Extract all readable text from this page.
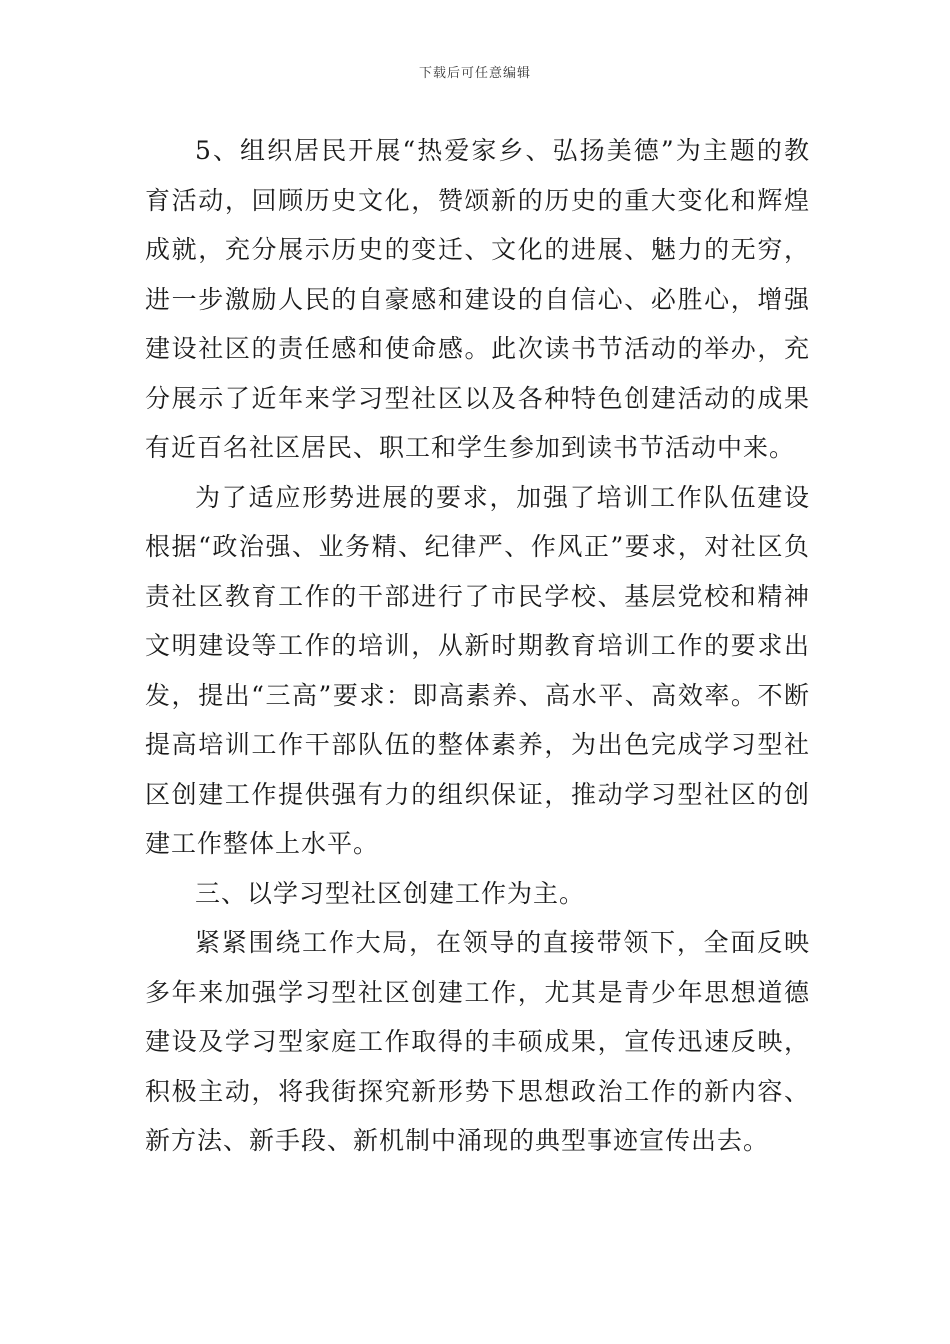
下载后可任意编辑

5、组织居民开展“热爱家乡、弘扬美德”为主题的教育活动，回顾历史文化，赞颂新的历史的重大变化和辉煌成就，充分展示历史的变迁、文化的进展、魅力的无穷，进一步激励人民的自豪感和建设的自信心、必胜心，增强建设社区的责任感和使命感。此次读书节活动的举办，充分展示了近年来学习型社区以及各种特色创建活动的成果有近百名社区居民、职工和学生参加到读书节活动中来。

为了适应形势进展的要求，加强了培训工作队伍建设根据“政治强、业务精、纪律严、作风正”要求，对社区负责社区教育工作的干部进行了市民学校、基层党校和精神文明建设等工作的培训，从新时期教育培训工作的要求出发，提出“三高”要求：即高素养、高水平、高效率。不断提高培训工作干部队伍的整体素养，为出色完成学习型社区创建工作提供强有力的组织保证，推动学习型社区的创建工作整体上水平。

三、以学习型社区创建工作为主。

紧紧围绕工作大局，在领导的直接带领下，全面反映多年来加强学习型社区创建工作，尤其是青少年思想道德建设及学习型家庭工作取得的丰硕成果，宣传迅速反映，积极主动，将我街探究新形势下思想政治工作的新内容、新方法、新手段、新机制中涌现的典型事迹宣传出去。
